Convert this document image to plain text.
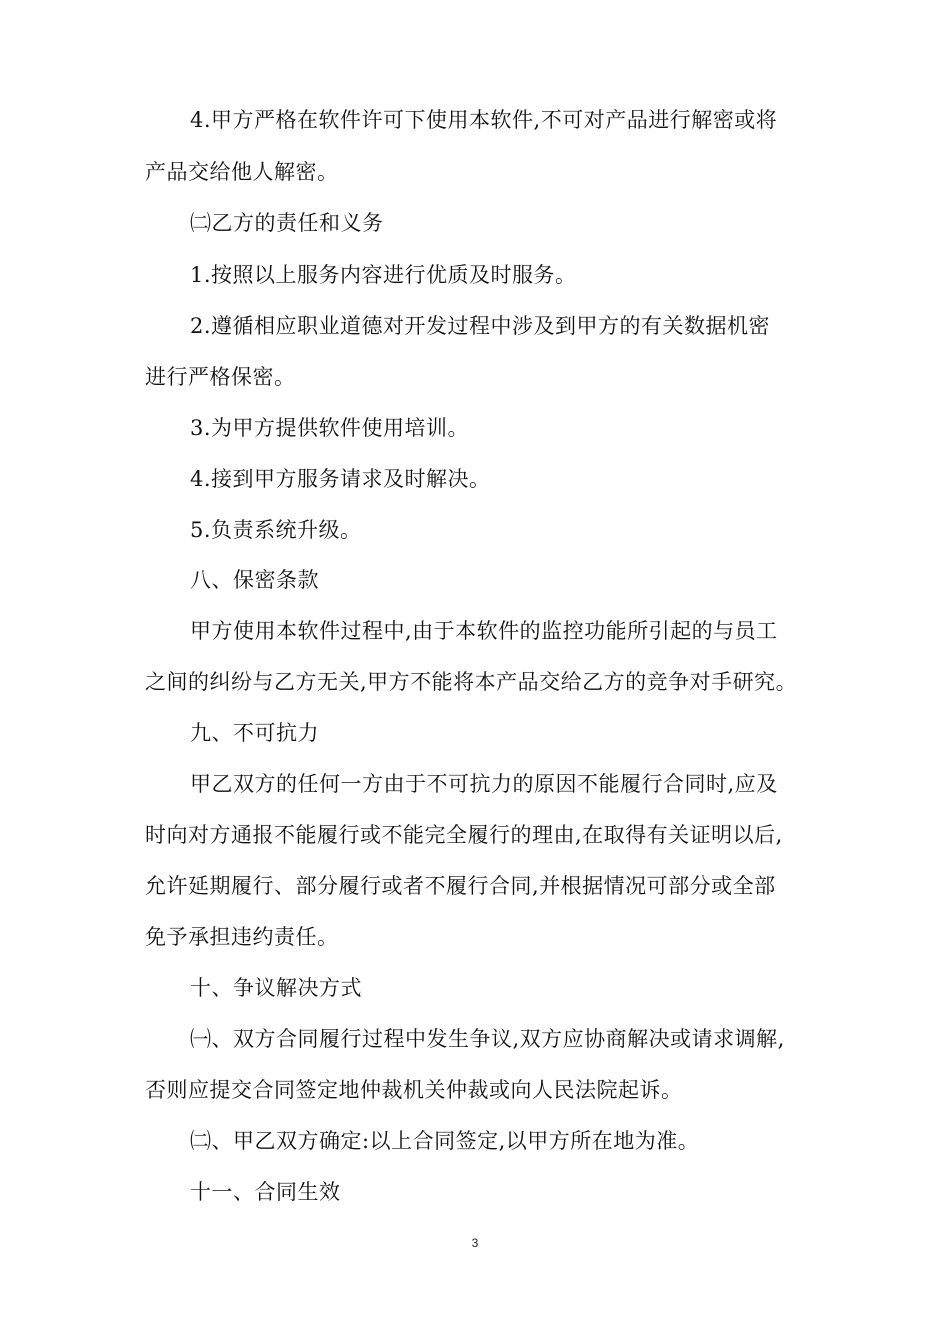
4.甲方严格在软件许可下使用本软件,不可对产品进行解密或将
产品交给他人解密。
㈡乙方的责任和义务
1.按照以上服务内容进行优质及时服务。
2.遵循相应职业道德对开发过程中涉及到甲方的有关数据机密
进行严格保密。
3.为甲方提供软件使用培训。
4.接到甲方服务请求及时解决。
5.负责系统升级。
八、保密条款
甲方使用本软件过程中,由于本软件的监控功能所引起的与员工
之间的纠纷与乙方无关,甲方不能将本产品交给乙方的竞争对手研究。
九、不可抗力
甲乙双方的任何一方由于不可抗力的原因不能履行合同时,应及
时向对方通报不能履行或不能完全履行的理由,在取得有关证明以后,
允许延期履行、部分履行或者不履行合同,并根据情况可部分或全部
免予承担违约责任。
十、争议解决方式
㈠、双方合同履行过程中发生争议,双方应协商解决或请求调解,
否则应提交合同签定地仲裁机关仲裁或向人民法院起诉。
㈡、甲乙双方确定:以上合同签定,以甲方所在地为准。
十一、合同生效
3
